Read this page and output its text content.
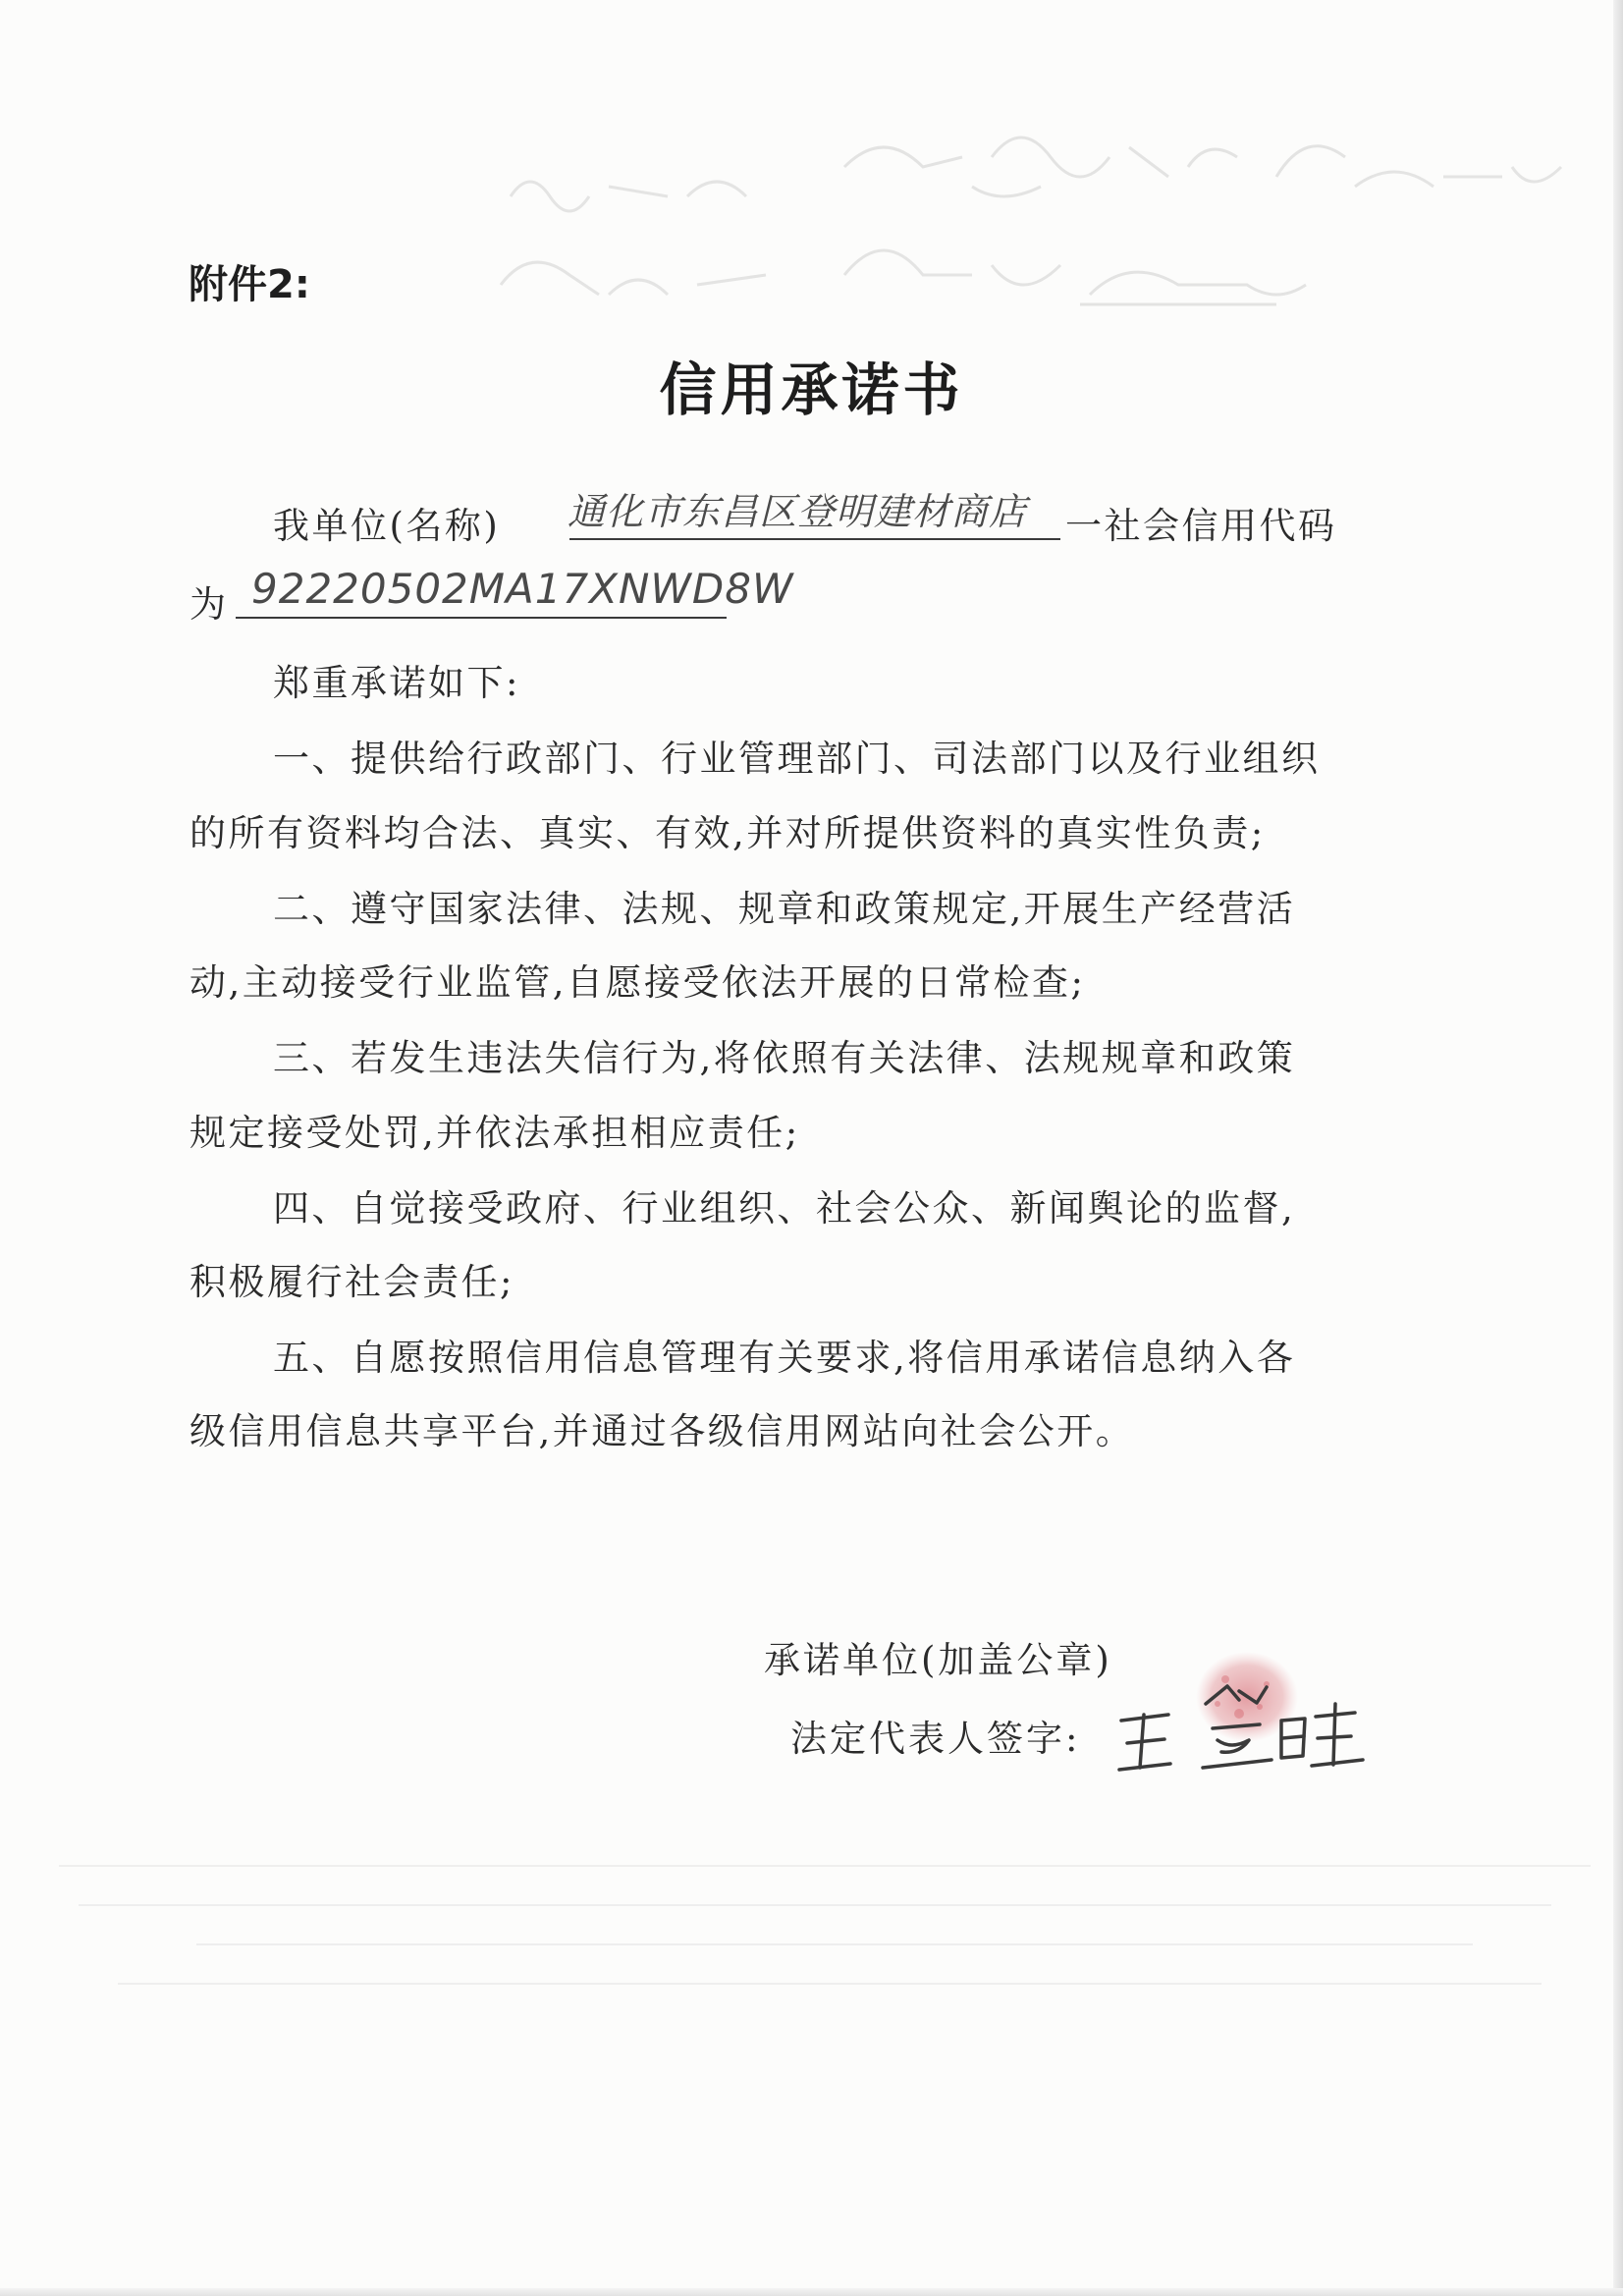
附件2:
信用承诺书
我单位(名称) 通化市东昌区登明建材商店 一社会信用代码
为 92220502MA17XNWD8W
郑重承诺如下:
一、提供给行政部门、行业管理部门、司法部门以及行业组织
的所有资料均合法、真实、有效,并对所提供资料的真实性负责;
二、遵守国家法律、法规、规章和政策规定,开展生产经营活
动,主动接受行业监管,自愿接受依法开展的日常检查;
三、若发生违法失信行为,将依照有关法律、法规规章和政策
规定接受处罚,并依法承担相应责任;
四、自觉接受政府、行业组织、社会公众、新闻舆论的监督,
积极履行社会责任;
五、自愿按照信用信息管理有关要求,将信用承诺信息纳入各
级信用信息共享平台,并通过各级信用网站向社会公开。
承诺单位(加盖公章)
法定代表人签字:
